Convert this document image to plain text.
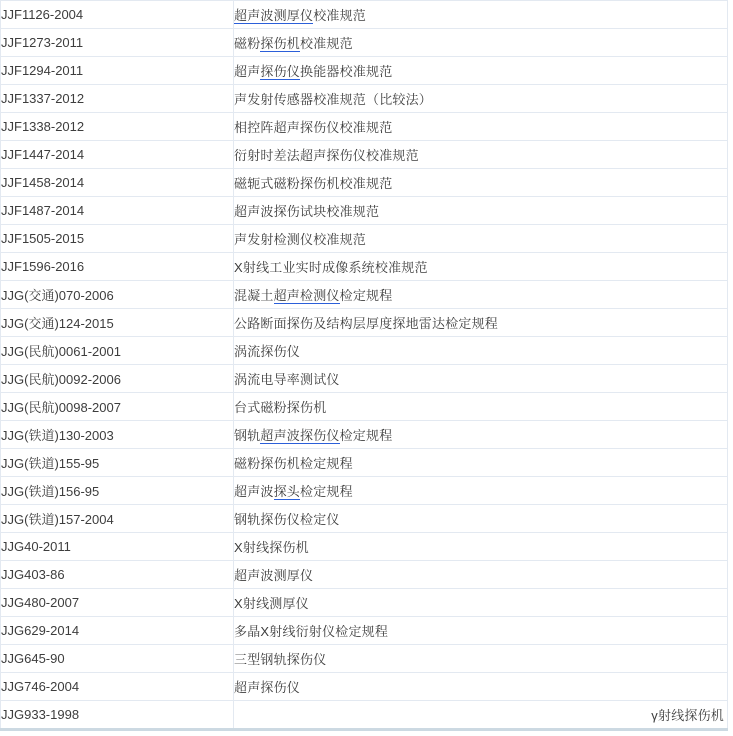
JJF1126-2004	超声波测厚仪校准规范
JJF1273-2011	磁粉探伤机校准规范
JJF1294-2011	超声探伤仪换能器校准规范
JJF1337-2012	声发射传感器校准规范（比较法）
JJF1338-2012	相控阵超声探伤仪校准规范
JJF1447-2014	衍射时差法超声探伤仪校准规范
JJF1458-2014	磁轭式磁粉探伤机校准规范
JJF1487-2014	超声波探伤试块校准规范
JJF1505-2015	声发射检测仪校准规范
JJF1596-2016	X射线工业实时成像系统校准规范
JJG(交通)070-2006	混凝土超声检测仪检定规程
JJG(交通)124-2015	公路断面探伤及结构层厚度探地雷达检定规程
JJG(民航)0061-2001	涡流探伤仪
JJG(民航)0092-2006	涡流电导率测试仪
JJG(民航)0098-2007	台式磁粉探伤机
JJG(铁道)130-2003	钢轨超声波探伤仪检定规程
JJG(铁道)155-95	磁粉探伤机检定规程
JJG(铁道)156-95	超声波探头检定规程
JJG(铁道)157-2004	钢轨探伤仪检定仪
JJG40-2011	X射线探伤机
JJG403-86	超声波测厚仪
JJG480-2007	X射线测厚仪
JJG629-2014	多晶X射线衍射仪检定规程
JJG645-90	三型钢轨探伤仪
JJG746-2004	超声探伤仪
JJG933-1998	γ射线探伤机
